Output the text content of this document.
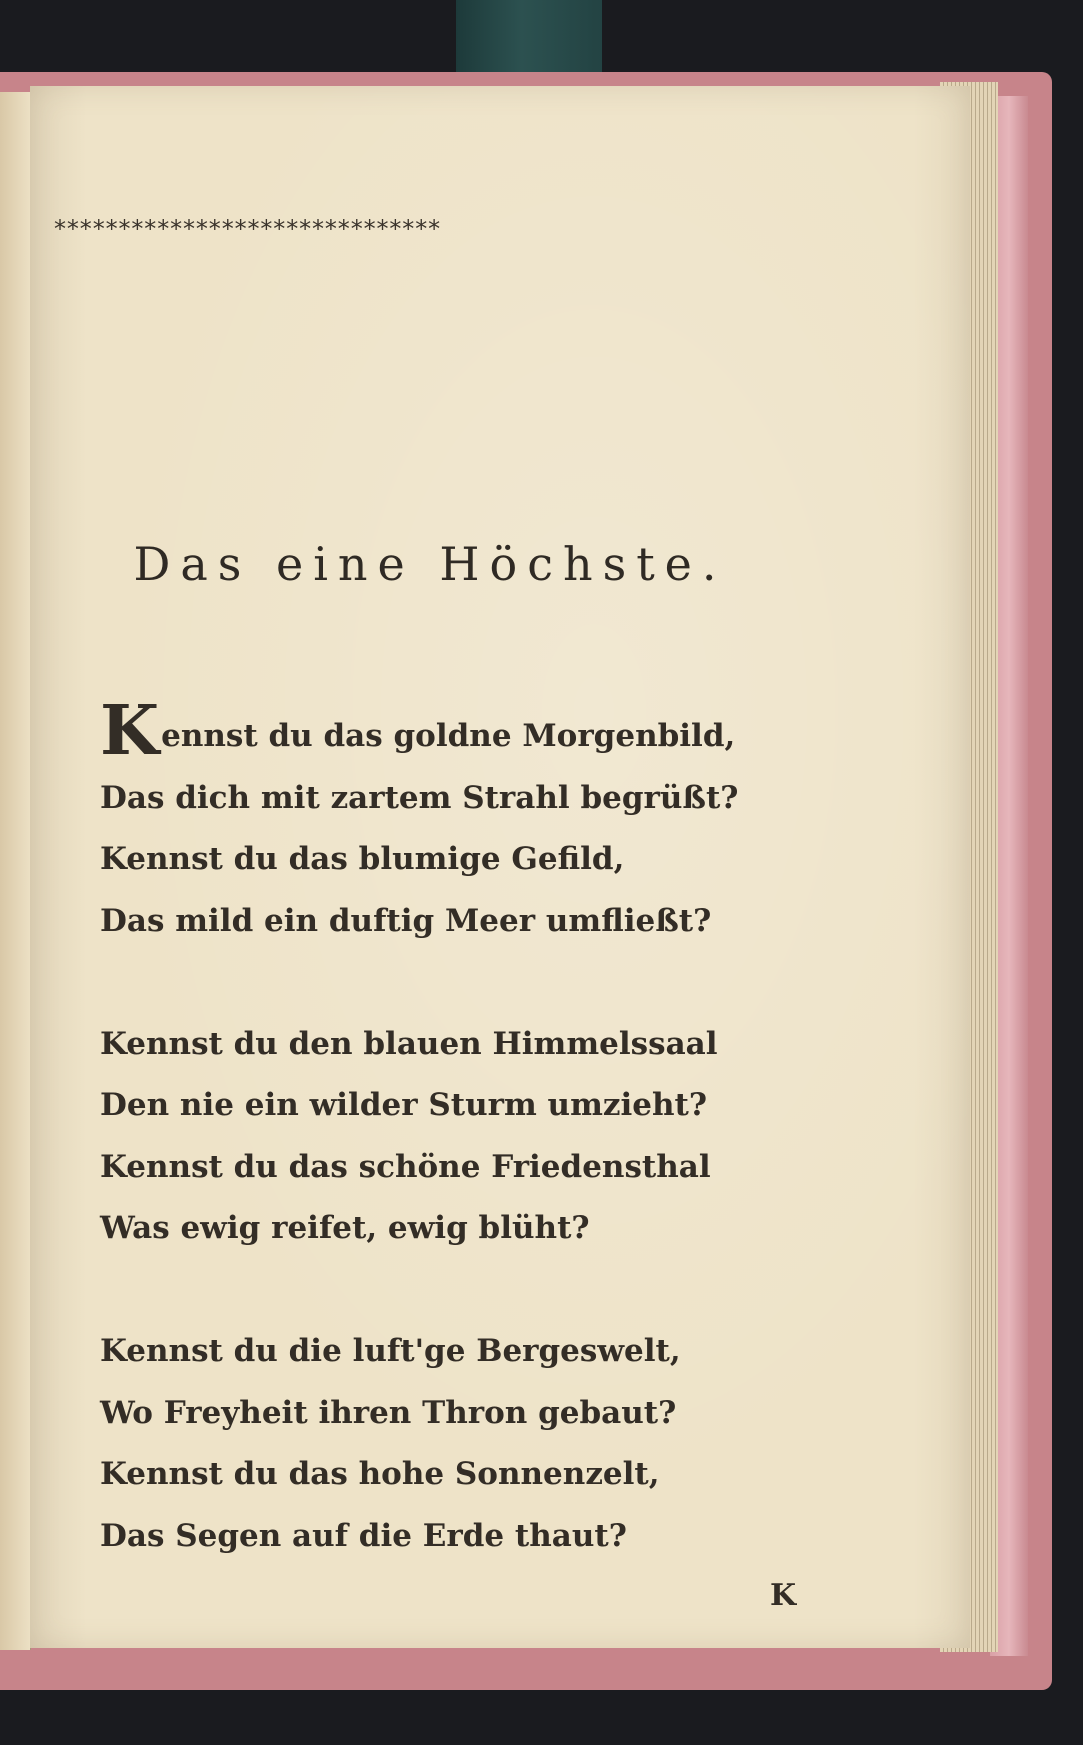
******************************
Das eine Höchste.
Kennst du das goldne Morgenbild,
Das dich mit zartem Strahl begrüßt?
Kennst du das blumige Gefild,
Das mild ein duftig Meer umfließt?
Kennst du den blauen Himmelssaal
Den nie ein wilder Sturm umzieht?
Kennst du das schöne Friedensthal
Was ewig reifet, ewig blüht?
Kennst du die luft'ge Bergeswelt,
Wo Freyheit ihren Thron gebaut?
Kennst du das hohe Sonnenzelt,
Das Segen auf die Erde thaut?
K
